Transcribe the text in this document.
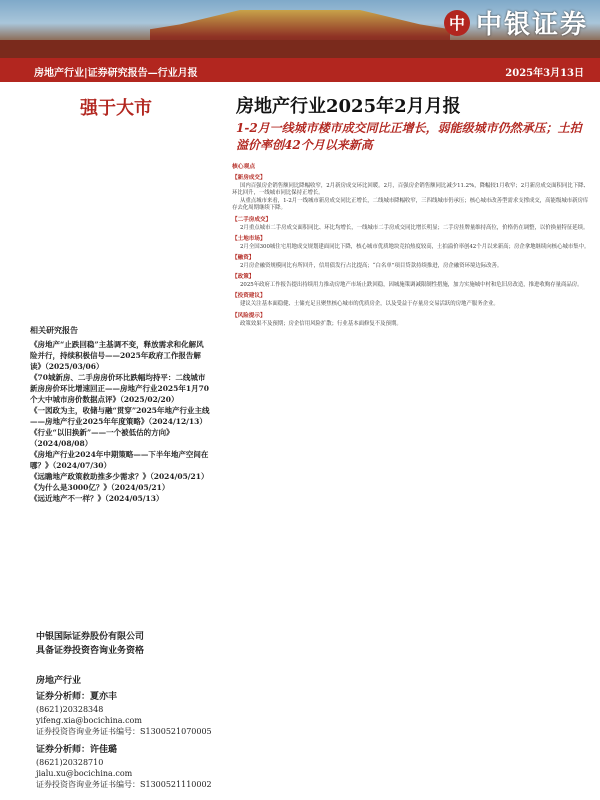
中 中银证券
房地产行业|证券研究报告—行业月报	2025年3月13日
强于大市	房地产行业2025年2月月报
1-2月一线城市楼市成交同比正增长，弱能级城市仍然承压；土拍溢价率创42个月以来新高
核心观点
【新房成交】

国内百强房企销售额同比降幅收窄，2月新房成交环比回暖。2月，百强房企销售额同比减少11.2%，降幅较1月收窄；2月新房成交面积同比下降、环比回升，一线城市同比保持正增长。

从重点城市来看，1-2月一线城市新房成交同比正增长，二线城市降幅收窄，三四线城市仍承压；核心城市改善型需求支撑成交，高能级城市新房库存去化周期继续下降。

【二手房成交】

2月重点城市二手房成交面积同比、环比均增长，一线城市二手房成交同比增长明显；二手房挂牌量维持高位，价格仍在调整，以价换量特征延续。

【土地市场】

2月全国300城住宅用地成交规划建面同比下降，核心城市优质地块竞拍热度较高，土拍溢价率创42个月以来新高；房企拿地继续向核心城市集中。

【融资】

2月房企融资规模同比有所回升，信用债发行占比提高；“白名单”项目贷款持续推进，房企融资环境边际改善。

【政策】

2025年政府工作报告提出持续用力推动房地产市场止跌回稳，因城施策调减限制性措施，加力实施城中村和危旧房改造，推进收购存量商品房。

【投资建议】

建议关注基本面稳健、土储充足且聚焦核心城市的优质房企，以及受益于存量房交易活跃的房地产服务企业。

【风险提示】

政策效果不及预期；房企信用风险扩散；行业基本面修复不及预期。

相关研究报告

《房地产“止跌回稳”主基调不变，释放需求和化解风险并行，持续积极信号——2025年政府工作报告解读》（2025/03/06）

《70城新房、二手房房价环比跌幅均持平：二线城市新房房价环比增速回正——房地产行业2025年1月70个大中城市房价数据点评》（2025/02/20）

《一図政为主，收储与融“贯穿”2025年地产行业主线——房地产行业2025年年度策略》（2024/12/13）

《行业“以旧换新”——一个被低估的方向》（2024/08/08）

《房地产行业2024年中期策略——下半年地产空间在哪？》（2024/07/30）

《远瞻地产政策救助推多少需求？》（2024/05/21）

《为什么是3000亿？》（2024/05/21）

《远近地产不一样？》（2024/05/13）

中银国际证券股份有限公司
具备证券投资咨询业务资格
房地产行业
证券分析师：夏亦丰
(8621)20328348
yifeng.xia@bocichina.com
证券投资咨询业务证书编号：S1300521070005
证券分析师：许佳璐
(8621)20328710
jialu.xu@bocichina.com
证券投资咨询业务证书编号：S1300521110002
